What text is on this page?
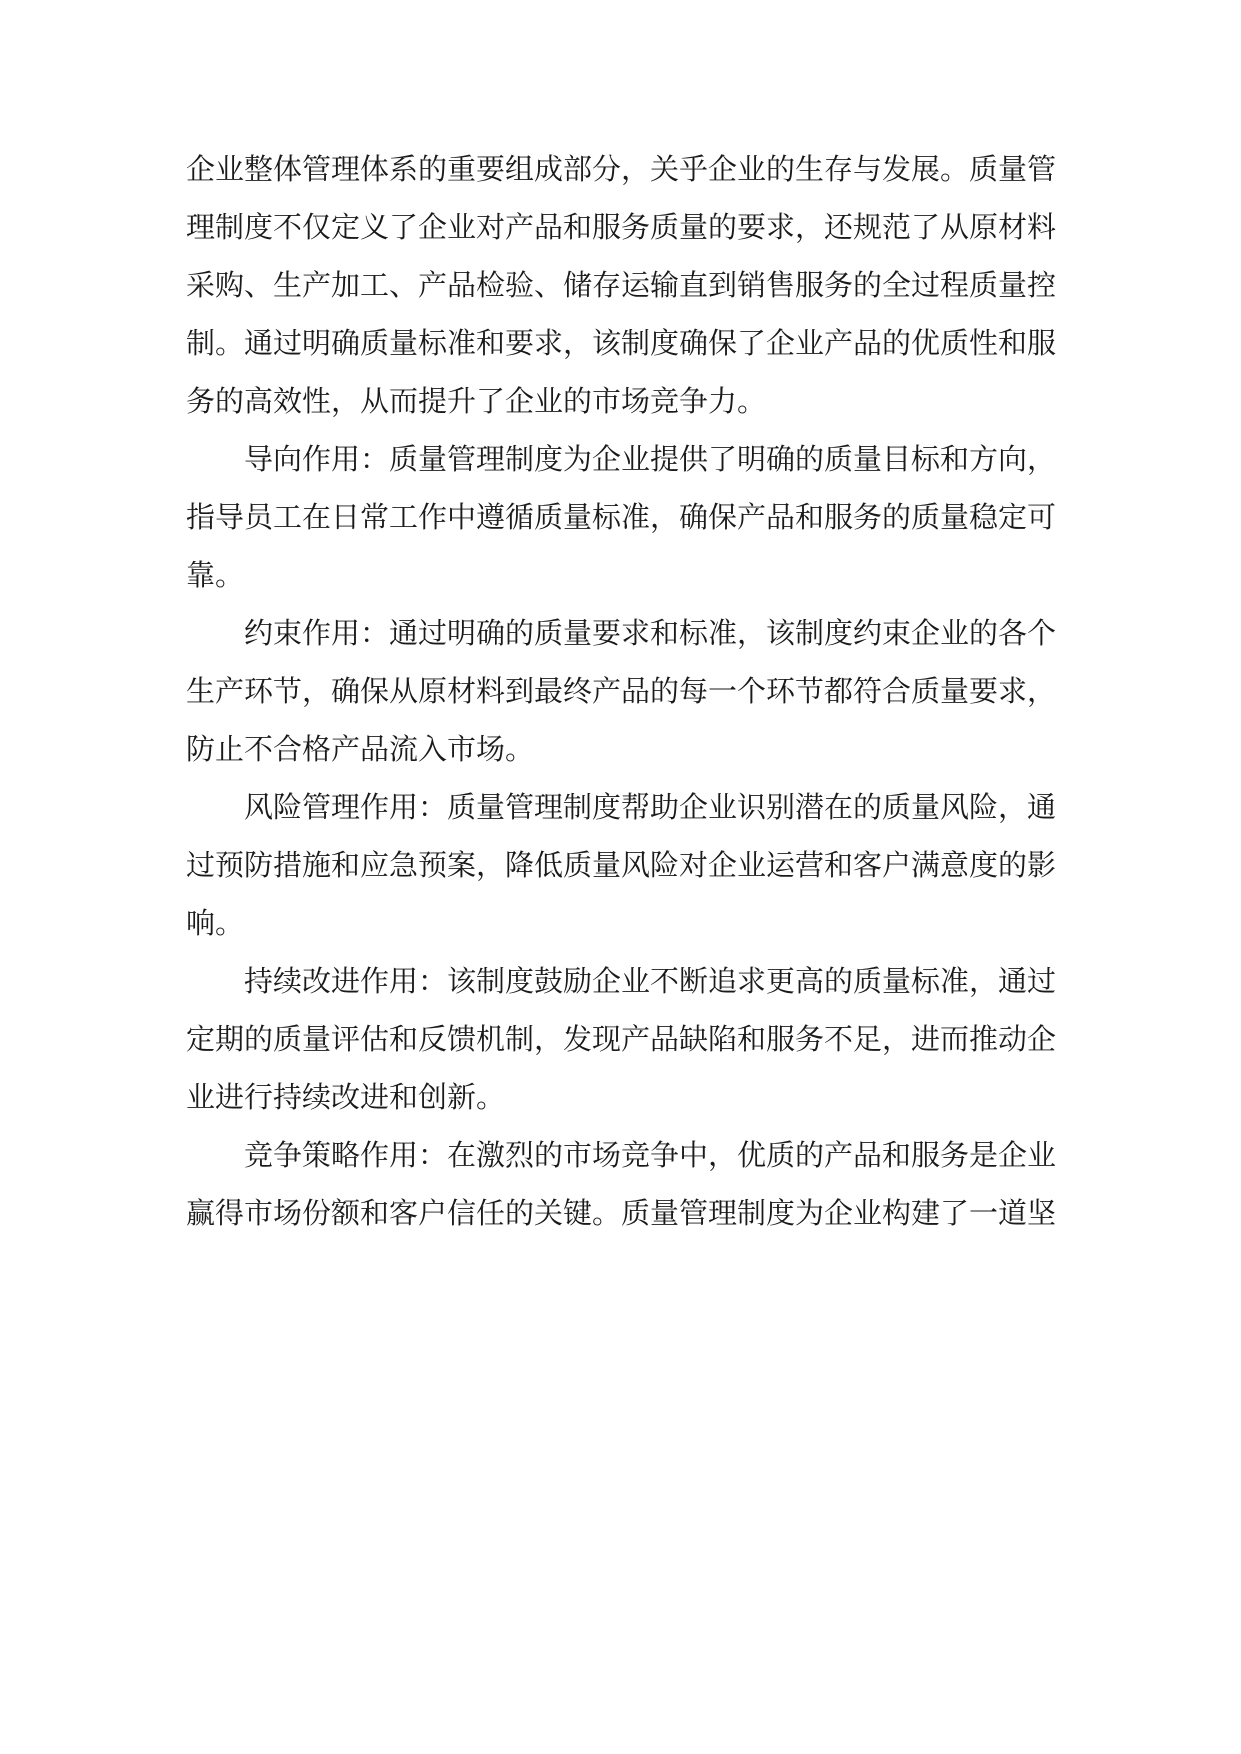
企业整体管理体系的重要组成部分，关乎企业的生存与发展。质量管理制度不仅定义了企业对产品和服务质量的要求，还规范了从原材料采购、生产加工、产品检验、储存运输直到销售服务的全过程质量控制。通过明确质量标准和要求，该制度确保了企业产品的优质性和服务的高效性，从而提升了企业的市场竞争力。

导向作用：质量管理制度为企业提供了明确的质量目标和方向，指导员工在日常工作中遵循质量标准，确保产品和服务的质量稳定可靠。

约束作用：通过明确的质量要求和标准，该制度约束企业的各个生产环节，确保从原材料到最终产品的每一个环节都符合质量要求，防止不合格产品流入市场。

风险管理作用：质量管理制度帮助企业识别潜在的质量风险，通过预防措施和应急预案，降低质量风险对企业运营和客户满意度的影响。

持续改进作用：该制度鼓励企业不断追求更高的质量标准，通过定期的质量评估和反馈机制，发现产品缺陷和服务不足，进而推动企业进行持续改进和创新。

竞争策略作用：在激烈的市场竞争中，优质的产品和服务是企业赢得市场份额和客户信任的关键。质量管理制度为企业构建了一道坚
